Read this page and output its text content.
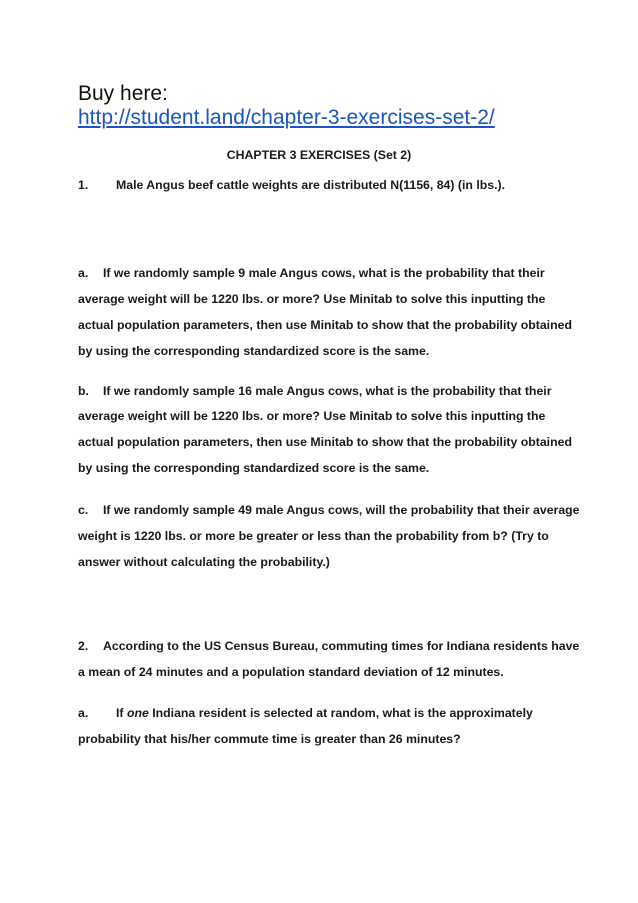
Buy here:
http://student.land/chapter-3-exercises-set-2/
CHAPTER 3 EXERCISES (Set 2)
1. Male Angus beef cattle weights are distributed N(1156, 84) (in lbs.).
a. If we randomly sample 9 male Angus cows, what is the probability that their
average weight will be 1220 lbs. or more? Use Minitab to solve this inputting the
actual population parameters, then use Minitab to show that the probability obtained
by using the corresponding standardized score is the same.
b. If we randomly sample 16 male Angus cows, what is the probability that their
average weight will be 1220 lbs. or more? Use Minitab to solve this inputting the
actual population parameters, then use Minitab to show that the probability obtained
by using the corresponding standardized score is the same.
c. If we randomly sample 49 male Angus cows, will the probability that their average
weight is 1220 lbs. or more be greater or less than the probability from b? (Try to
answer without calculating the probability.)
2. According to the US Census Bureau, commuting times for Indiana residents have
a mean of 24 minutes and a population standard deviation of 12 minutes.
a. If one Indiana resident is selected at random, what is the approximately
probability that his/her commute time is greater than 26 minutes?
